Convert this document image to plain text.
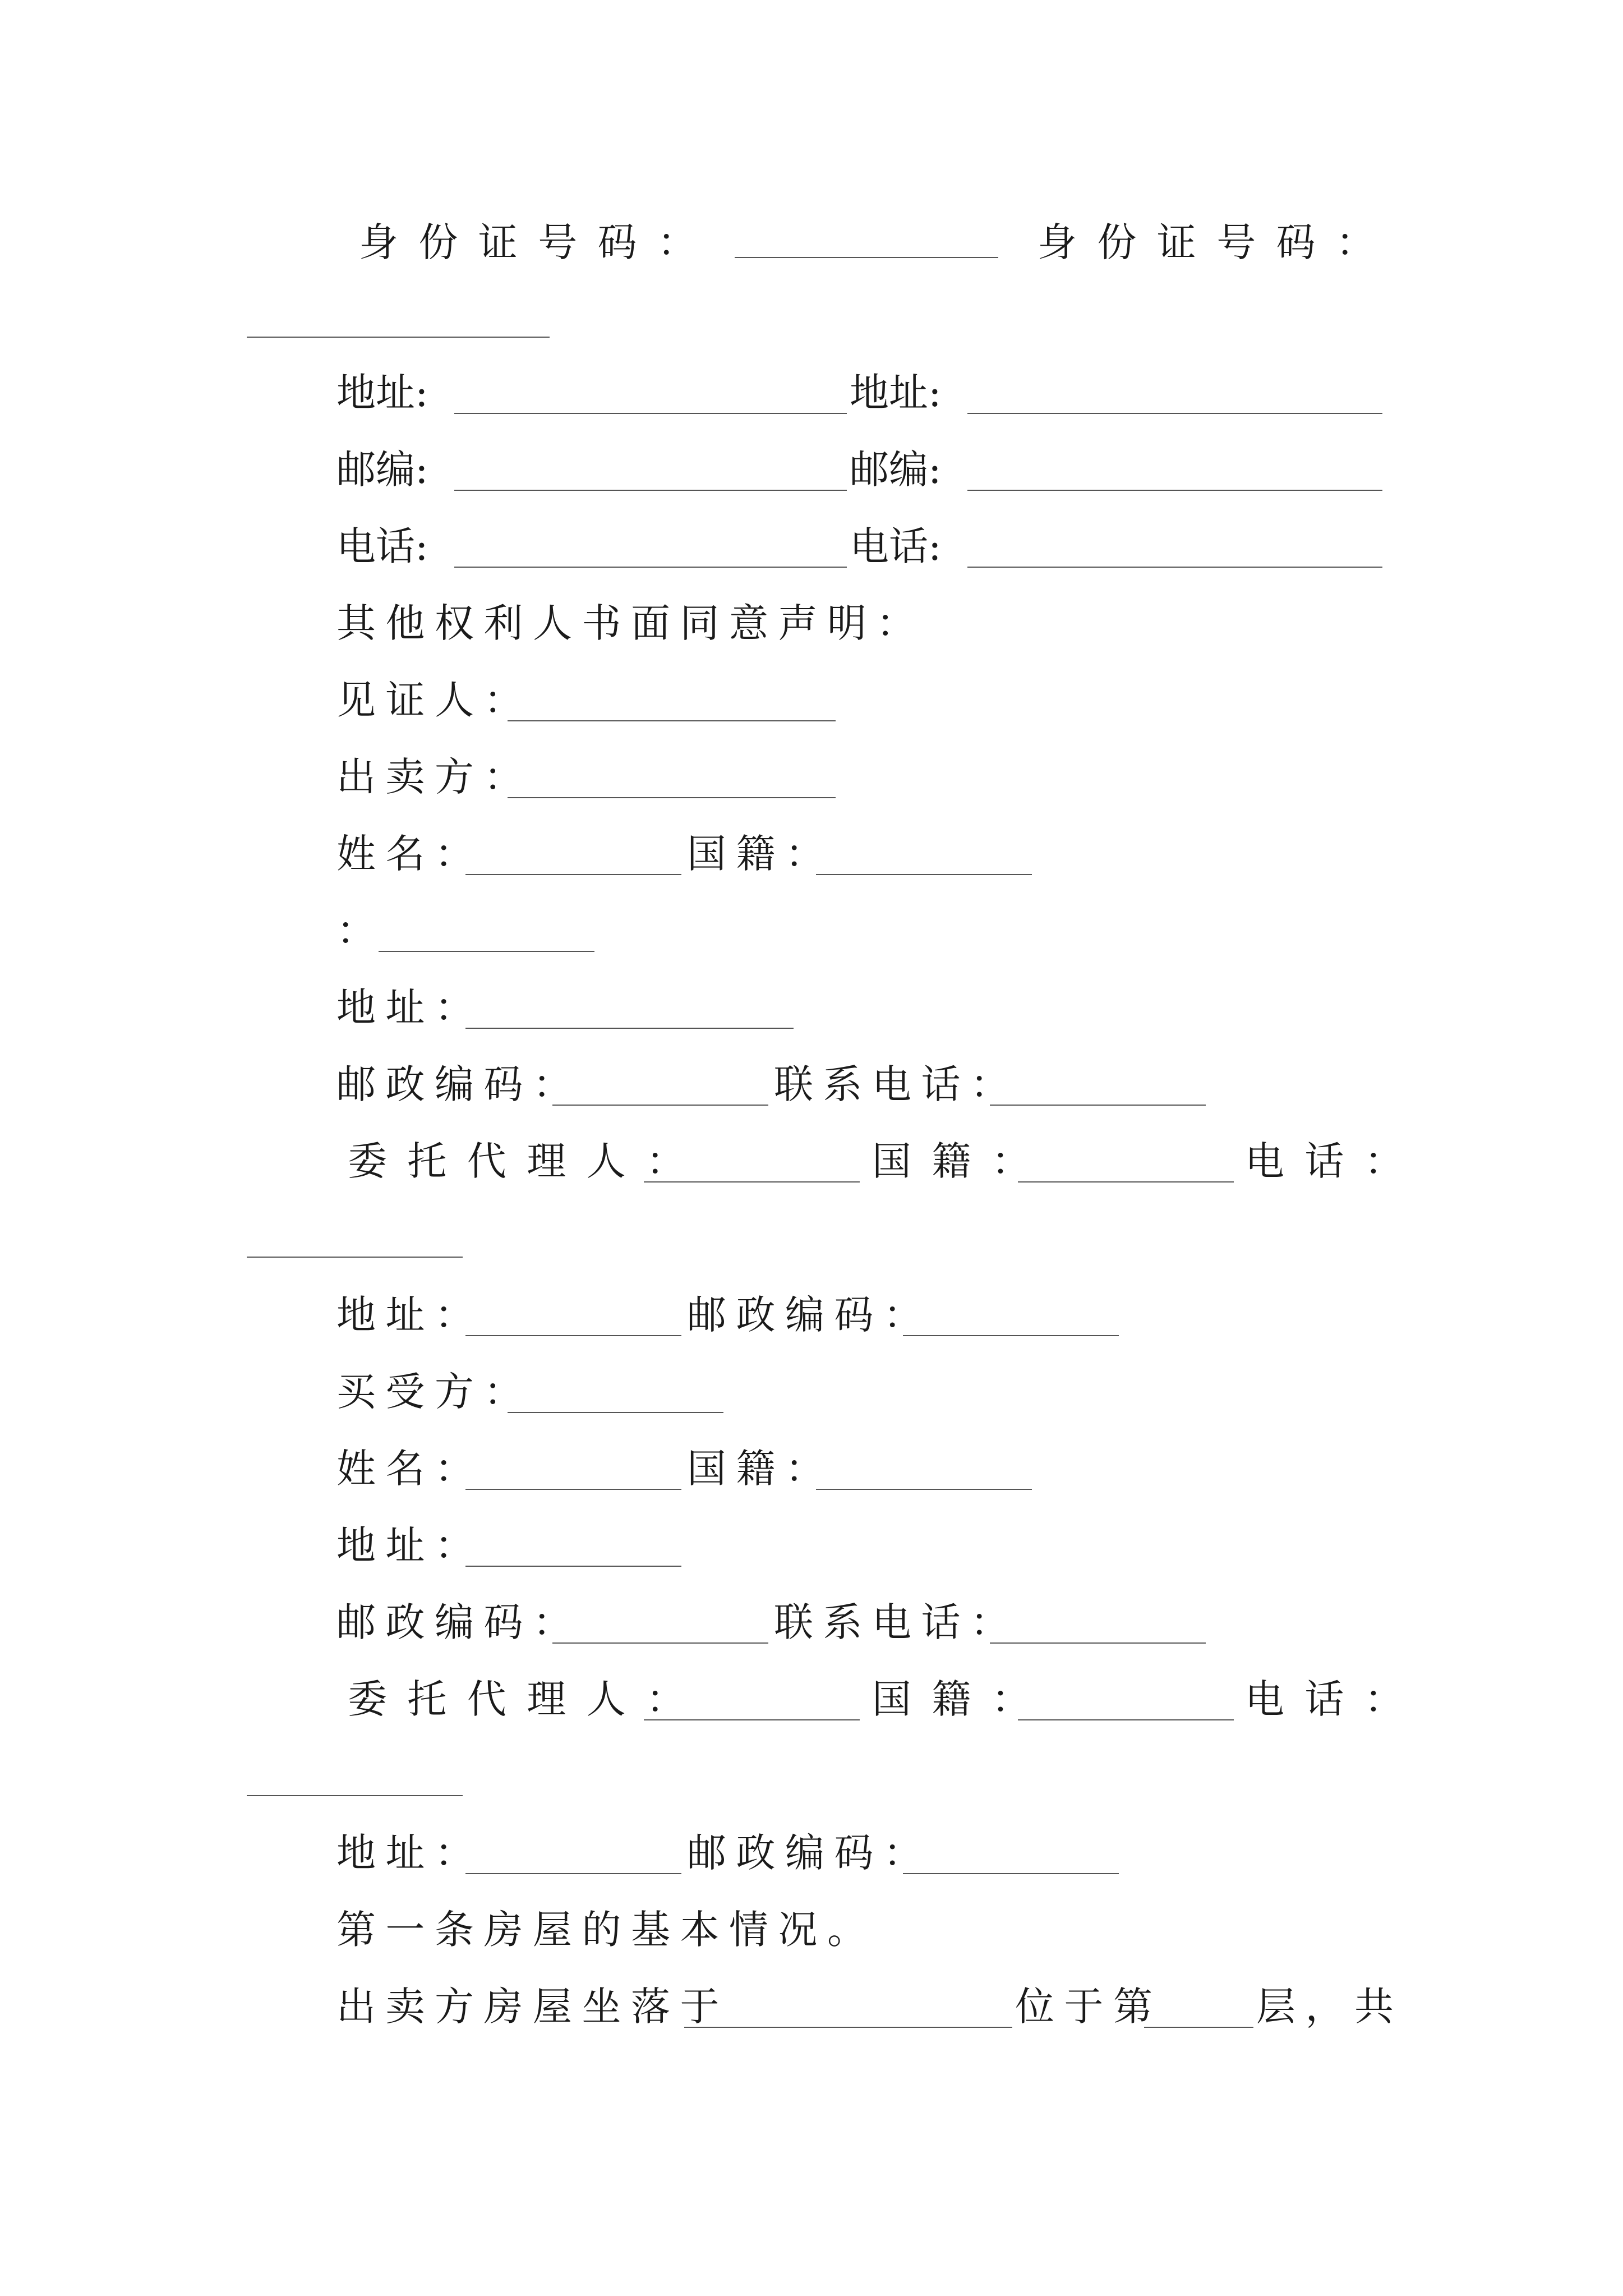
身份证号码：	身份证号码：
地址:	地址:
邮编:	邮编:
电话:	电话:
其他权利人书面同意声明：
见证人：
出卖方：
姓名：	国籍：
：
地址：
邮政编码：	联系电话：
委托代理人：	国籍：	电话：
地址：	邮政编码：
买受方：
姓名：	国籍：
地址：
邮政编码：	联系电话：
委托代理人：	国籍：	电话：
地址：	邮政编码：
第一条房屋的基本情况。
出卖方房屋坐落于	位于第 层，共
